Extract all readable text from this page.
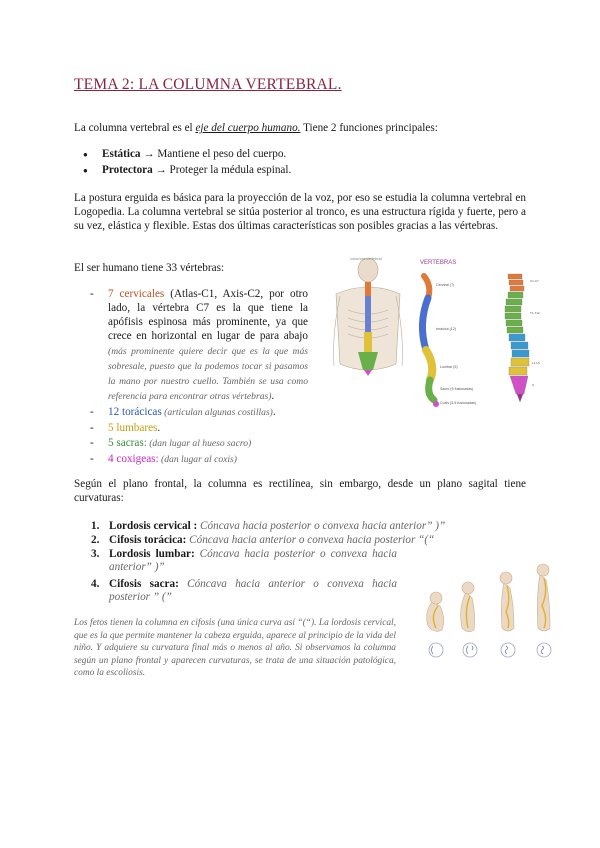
TEMA 2: LA COLUMNA VERTEBRAL.
La columna vertebral es el eje del cuerpo humano. Tiene 2 funciones principales:
● Estática → Mantiene el peso del cuerpo.
● Protectora → Proteger la médula espinal.
La postura erguida es básica para la proyección de la voz, por eso se estudia la columna vertebral en Logopedia. La columna vertebral se sitúa posterior al tronco, es una estructura rígida y fuerte, pero a su vez, elástica y flexible. Estas dos últimas características son posibles gracias a las vértebras.
El ser humano tiene 33 vértebras:
- 7 cervicales (Atlas-C1, Axis-C2, por otro lado, la vértebra C7 es la que tiene la apófisis espinosa más prominente, ya que crece en horizontal en lugar de para abajo (más prominente quiere decir que es la que más sobresale, puesto que la podemos tocar si pasamos la mano por nuestro cuello. También se usa como referencia para encontrar otras vértebras).
- 12 torácicas (articulan algunas costillas).
- 5 lumbares.
- 5 sacras: (dan lugar al hueso sacro)
- 4 coxigeas: (dan lugar al coxis)
columna vertebral
VERTEBRAS
Cervical (7)
torácica (12)
Lumbar (5)
Sacro (5 fusionadas)
Coxis (3-5 fusionadas)
C1-C7
T1-T12
L1-L5
S
Según el plano frontal, la columna es rectilínea, sin embargo, desde un plano sagital tiene curvaturas:
1. Lordosis cervical : Cóncava hacia posterior o convexa hacia anterior” )”
2. Cifosis torácica: Cóncava hacia anterior o convexa hacia posterior “(“
3. Lordosis lumbar: Cóncava hacia posterior o convexa hacia anterior” )”
4. Cifosis sacra: Cóncava hacia anterior o convexa hacia posterior ” (”
Los fetos tienen la columna en cifosis (una única curva así “(“). La lordosis cervical, que es la que permite mantener la cabeza erguida, aparece al principio de la vida del niño. Y adquiere su curvatura final más o menos al año. Si observamos la columna según un plano frontal y aparecen curvaturas, se trata de una situación patológica, como la escoliosis.
